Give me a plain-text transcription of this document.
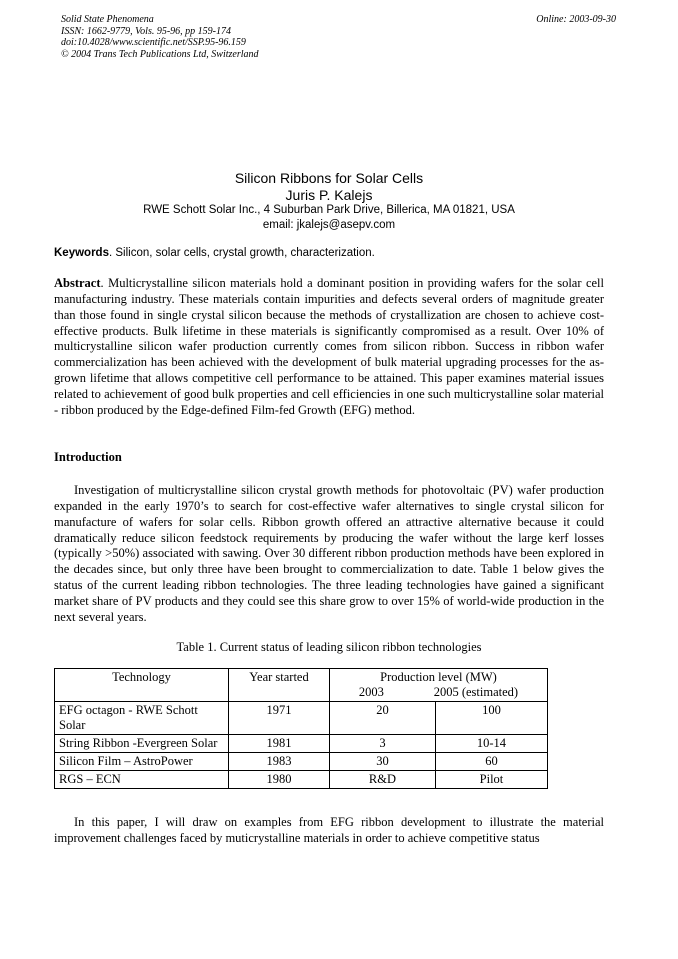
Solid State Phenomena
ISSN: 1662-9779, Vols. 95-96, pp 159-174
doi:10.4028/www.scientific.net/SSP.95-96.159
© 2004 Trans Tech Publications Ltd, Switzerland
Online: 2003-09-30
Silicon Ribbons for Solar Cells
Juris P. Kalejs
RWE Schott Solar Inc., 4 Suburban Park Drive, Billerica, MA 01821, USA
email: jkalejs@asepv.com
Keywords. Silicon, solar cells, crystal growth, characterization.
Abstract. Multicrystalline silicon materials hold a dominant position in providing wafers for the solar cell manufacturing industry. These materials contain impurities and defects several orders of magnitude greater than those found in single crystal silicon because the methods of crystallization are chosen to achieve cost-effective products. Bulk lifetime in these materials is significantly compromised as a result. Over 10% of multicrystalline silicon wafer production currently comes from silicon ribbon. Success in ribbon wafer commercialization has been achieved with the development of bulk material upgrading processes for the as-grown lifetime that allows competitive cell performance to be attained. This paper examines material issues related to achievement of good bulk properties and cell efficiencies in one such multicrystalline solar material - ribbon produced by the Edge-defined Film-fed Growth (EFG) method.
Introduction
Investigation of multicrystalline silicon crystal growth methods for photovoltaic (PV) wafer production expanded in the early 1970’s to search for cost-effective wafer alternatives to single crystal silicon for manufacture of wafers for solar cells. Ribbon growth offered an attractive alternative because it could dramatically reduce silicon feedstock requirements by producing the wafer without the large kerf losses (typically >50%) associated with sawing. Over 30 different ribbon production methods have been explored in the decades since, but only three have been brought to commercialization to date. Table 1 below gives the status of the current leading ribbon technologies. The three leading technologies have gained a significant market share of PV products and they could see this share grow to over 15% of world-wide production in the next several years.
Table 1. Current status of leading silicon ribbon technologies
Technology	Year started	Production level (MW)
2003 2005 (estimated)	

EFG octagon - RWE Schott Solar	1971	20	100
String Ribbon -Evergreen Solar	1981	3	10-14
Silicon Film – AstroPower	1983	30	60
RGS – ECN	1980	R&D	Pilot
In this paper, I will draw on examples from EFG ribbon development to illustrate the material improvement challenges faced by muticrystalline materials in order to achieve competitive status
